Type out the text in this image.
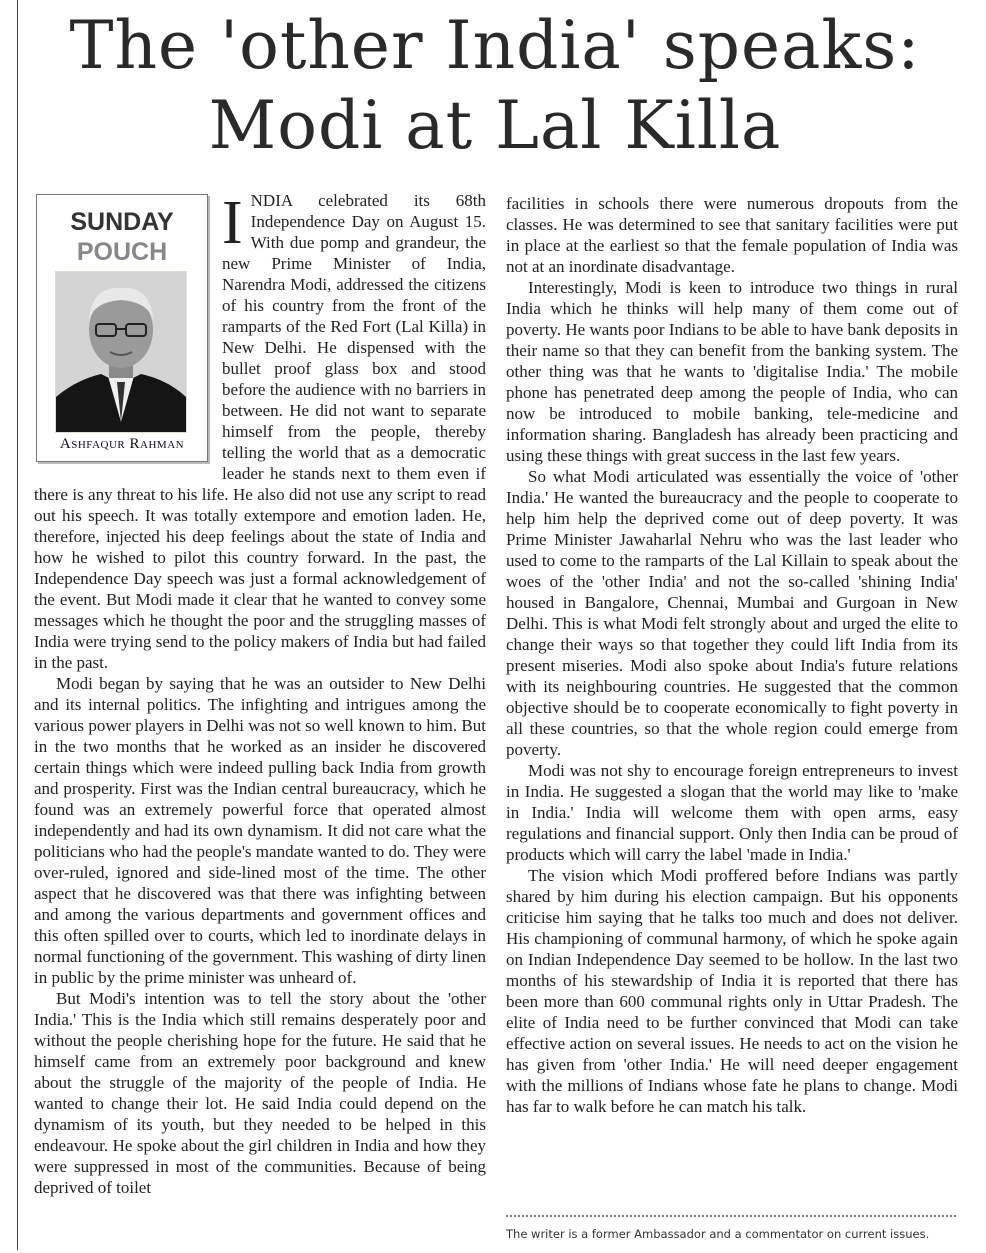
The 'other India' speaks:
Modi at Lal Killa
SUNDAY
POUCH
Ashfaqur Rahman
I NDIA celebrated its 68th Independence Day on August 15. With due pomp and grandeur, the new Prime Minister of India, Narendra Modi, addressed the citizens of his country from the front of the ramparts of the Red Fort (Lal Killa) in New Delhi. He dispensed with the bullet proof glass box and stood before the audience with no barriers in between. He did not want to separate himself from the people, thereby telling the world that as a democratic leader he stands next to them even if there is any threat to his life. He also did not use any script to read out his speech. It was totally extempore and emotion laden. He, therefore, injected his deep feelings about the state of India and how he wished to pilot this country forward. In the past, the Independence Day speech was just a formal acknowledgement of the event. But Modi made it clear that he wanted to convey some messages which he thought the poor and the struggling masses of India were trying send to the policy makers of India but had failed in the past.

Modi began by saying that he was an outsider to New Delhi and its internal politics. The infighting and intrigues among the various power players in Delhi was not so well known to him. But in the two months that he worked as an insider he discovered certain things which were indeed pulling back India from growth and prosperity. First was the Indian central bureaucracy, which he found was an extremely powerful force that operated almost independently and had its own dynamism. It did not care what the politicians who had the people's mandate wanted to do. They were over-ruled, ignored and side-lined most of the time. The other aspect that he discovered was that there was infighting between and among the various departments and government offices and this often spilled over to courts, which led to inordinate delays in normal functioning of the government. This washing of dirty linen in public by the prime minister was unheard of.

But Modi's intention was to tell the story about the 'other India.' This is the India which still remains desperately poor and without the people cherishing hope for the future. He said that he himself came from an extremely poor background and knew about the struggle of the majority of the people of India. He wanted to change their lot. He said India could depend on the dynamism of its youth, but they needed to be helped in this endeavour. He spoke about the girl children in India and how they were suppressed in most of the communities. Because of being deprived of toilet

facilities in schools there were numerous dropouts from the classes. He was determined to see that sanitary facilities were put in place at the earliest so that the female population of India was not at an inordinate disadvantage.

Interestingly, Modi is keen to introduce two things in rural India which he thinks will help many of them come out of poverty. He wants poor Indians to be able to have bank deposits in their name so that they can benefit from the banking system. The other thing was that he wants to 'digitalise India.' The mobile phone has penetrated deep among the people of India, who can now be introduced to mobile banking, tele-medicine and information sharing. Bangladesh has already been practicing and using these things with great success in the last few years.

So what Modi articulated was essentially the voice of 'other India.' He wanted the bureaucracy and the people to cooperate to help him help the deprived come out of deep poverty. It was Prime Minister Jawaharlal Nehru who was the last leader who used to come to the ramparts of the Lal Killain to speak about the woes of the 'other India' and not the so-called 'shining India' housed in Bangalore, Chennai, Mumbai and Gurgoan in New Delhi. This is what Modi felt strongly about and urged the elite to change their ways so that together they could lift India from its present miseries. Modi also spoke about India's future relations with its neighbouring countries. He suggested that the common objective should be to cooperate economically to fight poverty in all these countries, so that the whole region could emerge from poverty.

Modi was not shy to encourage foreign entrepreneurs to invest in India. He suggested a slogan that the world may like to 'make in India.' India will welcome them with open arms, easy regulations and financial support. Only then India can be proud of products which will carry the label 'made in India.'

The vision which Modi proffered before Indians was partly shared by him during his election campaign. But his opponents criticise him saying that he talks too much and does not deliver. His championing of communal harmony, of which he spoke again on Indian Independence Day seemed to be hollow. In the last two months of his stewardship of India it is reported that there has been more than 600 communal rights only in Uttar Pradesh. The elite of India need to be further convinced that Modi can take effective action on several issues. He needs to act on the vision he has given from 'other India.' He will need deeper engagement with the millions of Indians whose fate he plans to change. Modi has far to walk before he can match his talk.

The writer is a former Ambassador and a commentator on current issues.
